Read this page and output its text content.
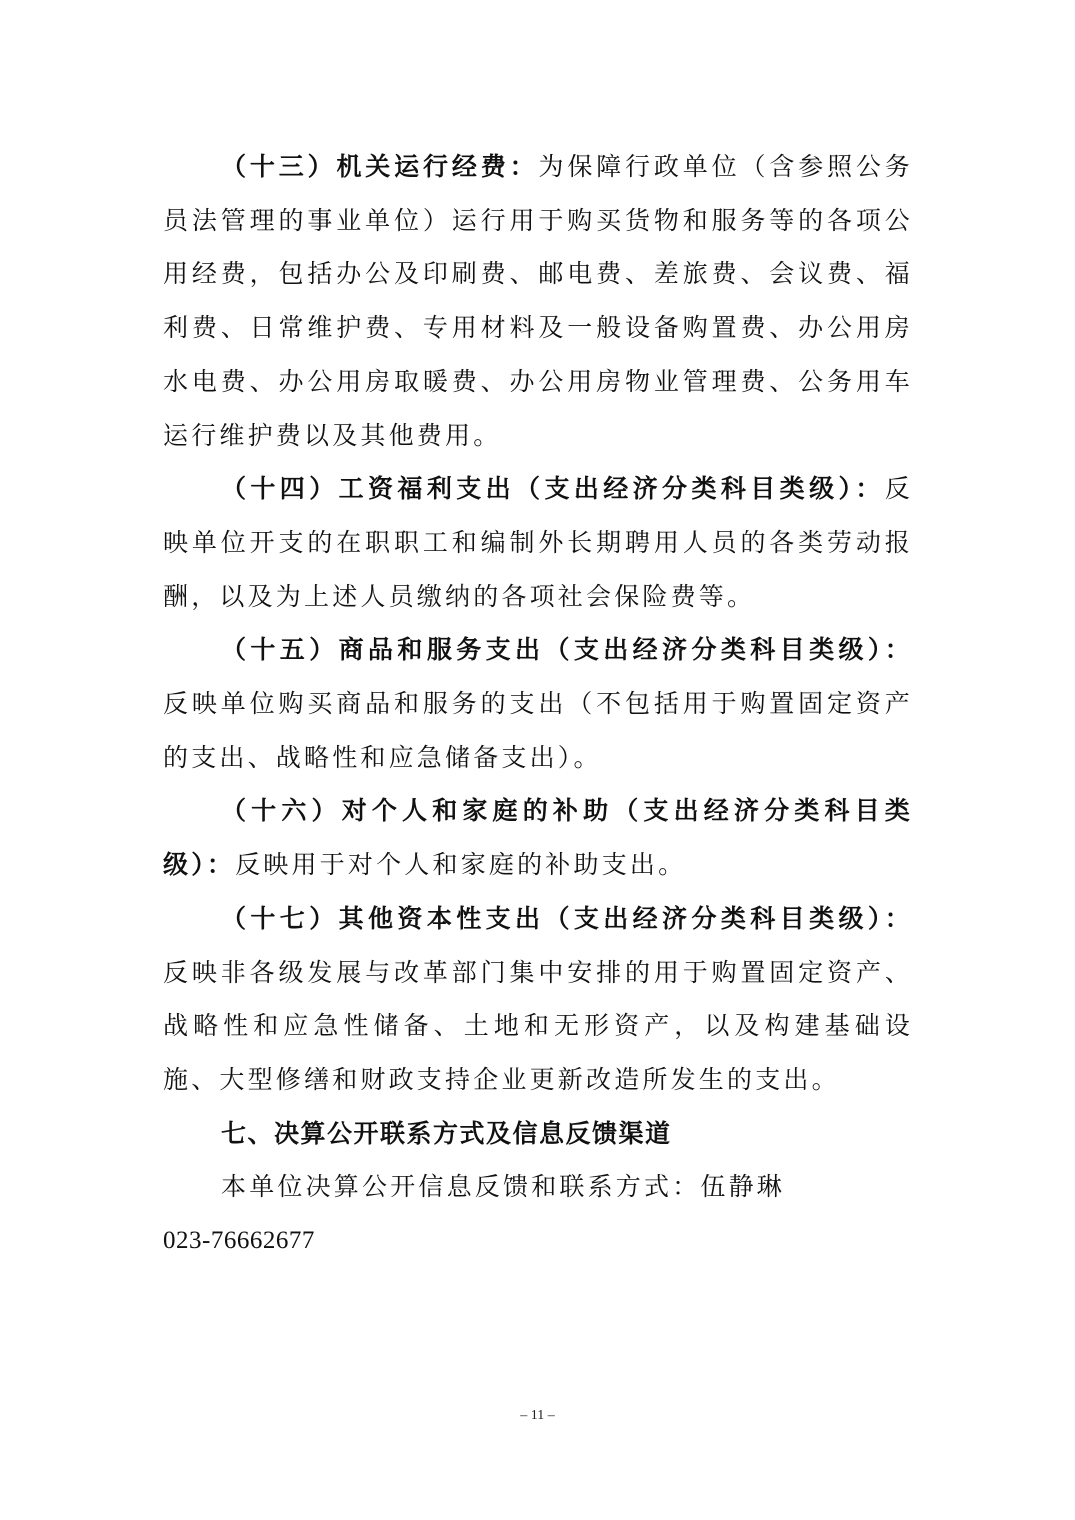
（十三）机关运行经费：为保障行政单位（含参照公务员法管理的事业单位）运行用于购买货物和服务等的各项公用经费，包括办公及印刷费、邮电费、差旅费、会议费、福利费、日常维护费、专用材料及一般设备购置费、办公用房水电费、办公用房取暖费、办公用房物业管理费、公务用车运行维护费以及其他费用。

（十四）工资福利支出（支出经济分类科目类级）：反映单位开支的在职职工和编制外长期聘用人员的各类劳动报酬，以及为上述人员缴纳的各项社会保险费等。

（十五）商品和服务支出（支出经济分类科目类级）：反映单位购买商品和服务的支出（不包括用于购置固定资产的支出、战略性和应急储备支出）。

（十六）对个人和家庭的补助（支出经济分类科目类级）：反映用于对个人和家庭的补助支出。

（十七）其他资本性支出（支出经济分类科目类级）：反映非各级发展与改革部门集中安排的用于购置固定资产、战略性和应急性储备、土地和无形资产，以及构建基础设施、大型修缮和财政支持企业更新改造所发生的支出。

七、决算公开联系方式及信息反馈渠道

本单位决算公开信息反馈和联系方式：伍静琳

023-76662677

– 11 –
